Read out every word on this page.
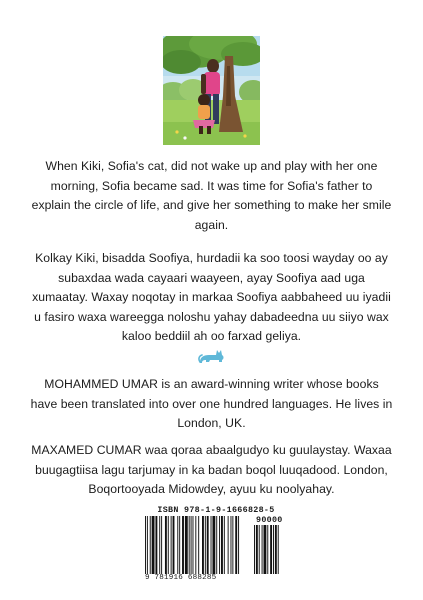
When Kiki, Sofia's cat, did not wake up and play with her one morning, Sofia became sad. It was time for Sofia's father to explain the circle of life, and give her something to make her smile again.

Kolkay Kiki, bisadda Soofiya, hurdadii ka soo toosi wayday oo ay subaxdaa wada cayaari waayeen, ayay Soofiya aad uga xumaatay. Waxay noqotay in markaa Soofiya aabbaheed uu iyadii u fasiro waxa wareegga noloshu yahay dabadeedna uu siiyo wax kaloo beddiil ah oo farxad geliya.

MOHAMMED UMAR is an award-winning writer whose books have been translated into over one hundred languages. He lives in London, UK.

MAXAMED CUMAR waa qoraa abaalgudyo ku guulaystay. Waxaa buugagtiisa lagu tarjumay in ka badan boqol luuqadood. London, Boqortooyada Midowdey, ayuu ku noolyahay.

ISBN 978-1-9-1666828-5
90000
9 781916 688285
